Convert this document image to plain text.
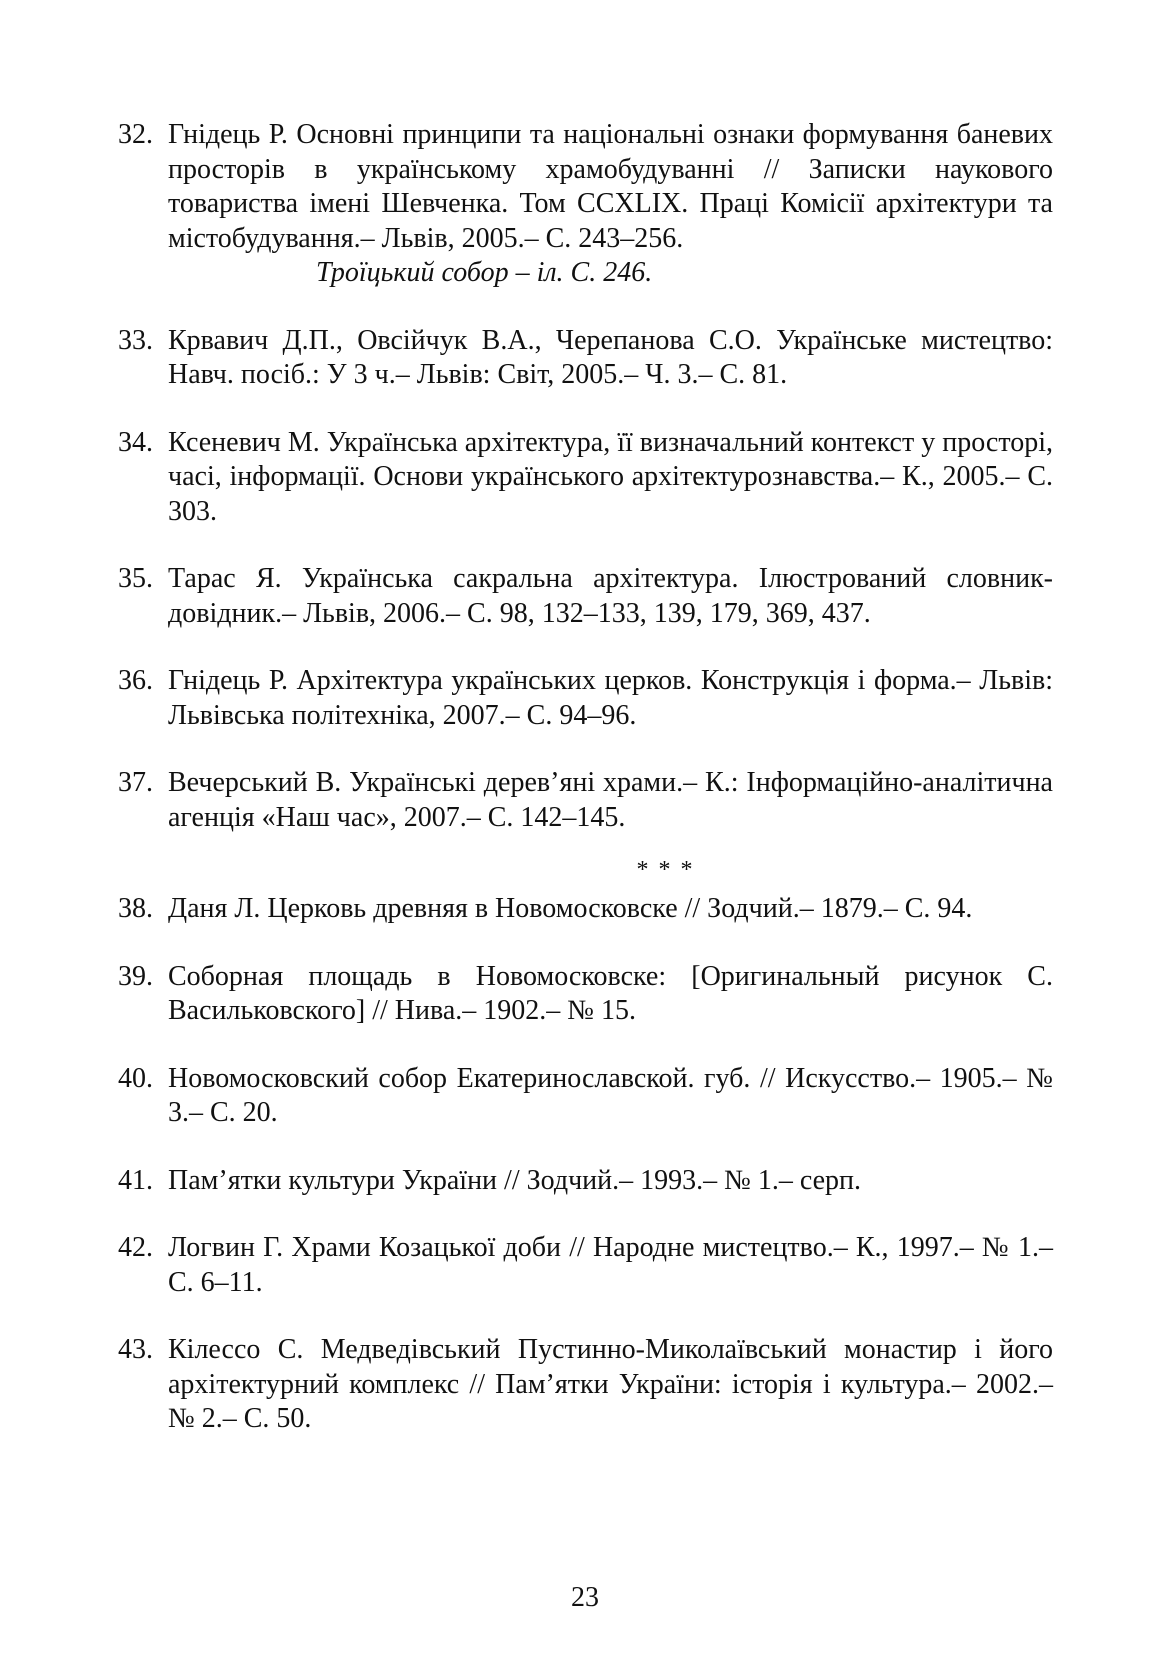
32. Гнідець Р. Основні принципи та національні ознаки формування баневих просторів в українському храмобудуванні // Записки наукового товариства імені Шевченка. Том CCXLIX. Праці Комісії архітектури та містобудування.– Львів, 2005.– С. 243–256.
Троїцький собор – іл. С. 246.
33. Крвавич Д.П., Овсійчук В.А., Черепанова С.О. Українське мистецтво: Навч. посіб.: У 3 ч.– Львів: Світ, 2005.– Ч. 3.– С. 81.
34. Ксеневич М. Українська архітектура, її визначальний контекст у просторі, часі, інформації. Основи українського архітектурознавства.– К., 2005.– С. 303.
35. Тарас Я. Українська сакральна архітектура. Ілюстрований словник-довідник.– Львів, 2006.– С. 98, 132–133, 139, 179, 369, 437.
36. Гнідець Р. Архітектура українських церков. Конструкція і форма.– Львів: Львівська політехніка, 2007.– С. 94–96.
37. Вечерський В. Українські дерев’яні храми.– К.: Інформаційно-аналітична агенція «Наш час», 2007.– С. 142–145.
* * *
38. Даня Л. Церковь древняя в Новомосковске // Зодчий.– 1879.– С. 94.
39. Соборная площадь в Новомосковске: [Оригинальный рисунок С. Васильковского] // Нива.– 1902.– № 15.
40. Новомосковский собор Екатеринославской. губ. // Искусство.– 1905.– № 3.– С. 20.
41. Пам’ятки культури України // Зодчий.– 1993.– № 1.– серп.
42. Логвин Г. Храми Козацької доби // Народне мистецтво.– К., 1997.– № 1.– С. 6–11.
43. Кілессо С. Медведівський Пустинно-Миколаївський монастир і його архітектурний комплекс // Пам’ятки України: історія і культура.– 2002.– № 2.– С. 50.
23
